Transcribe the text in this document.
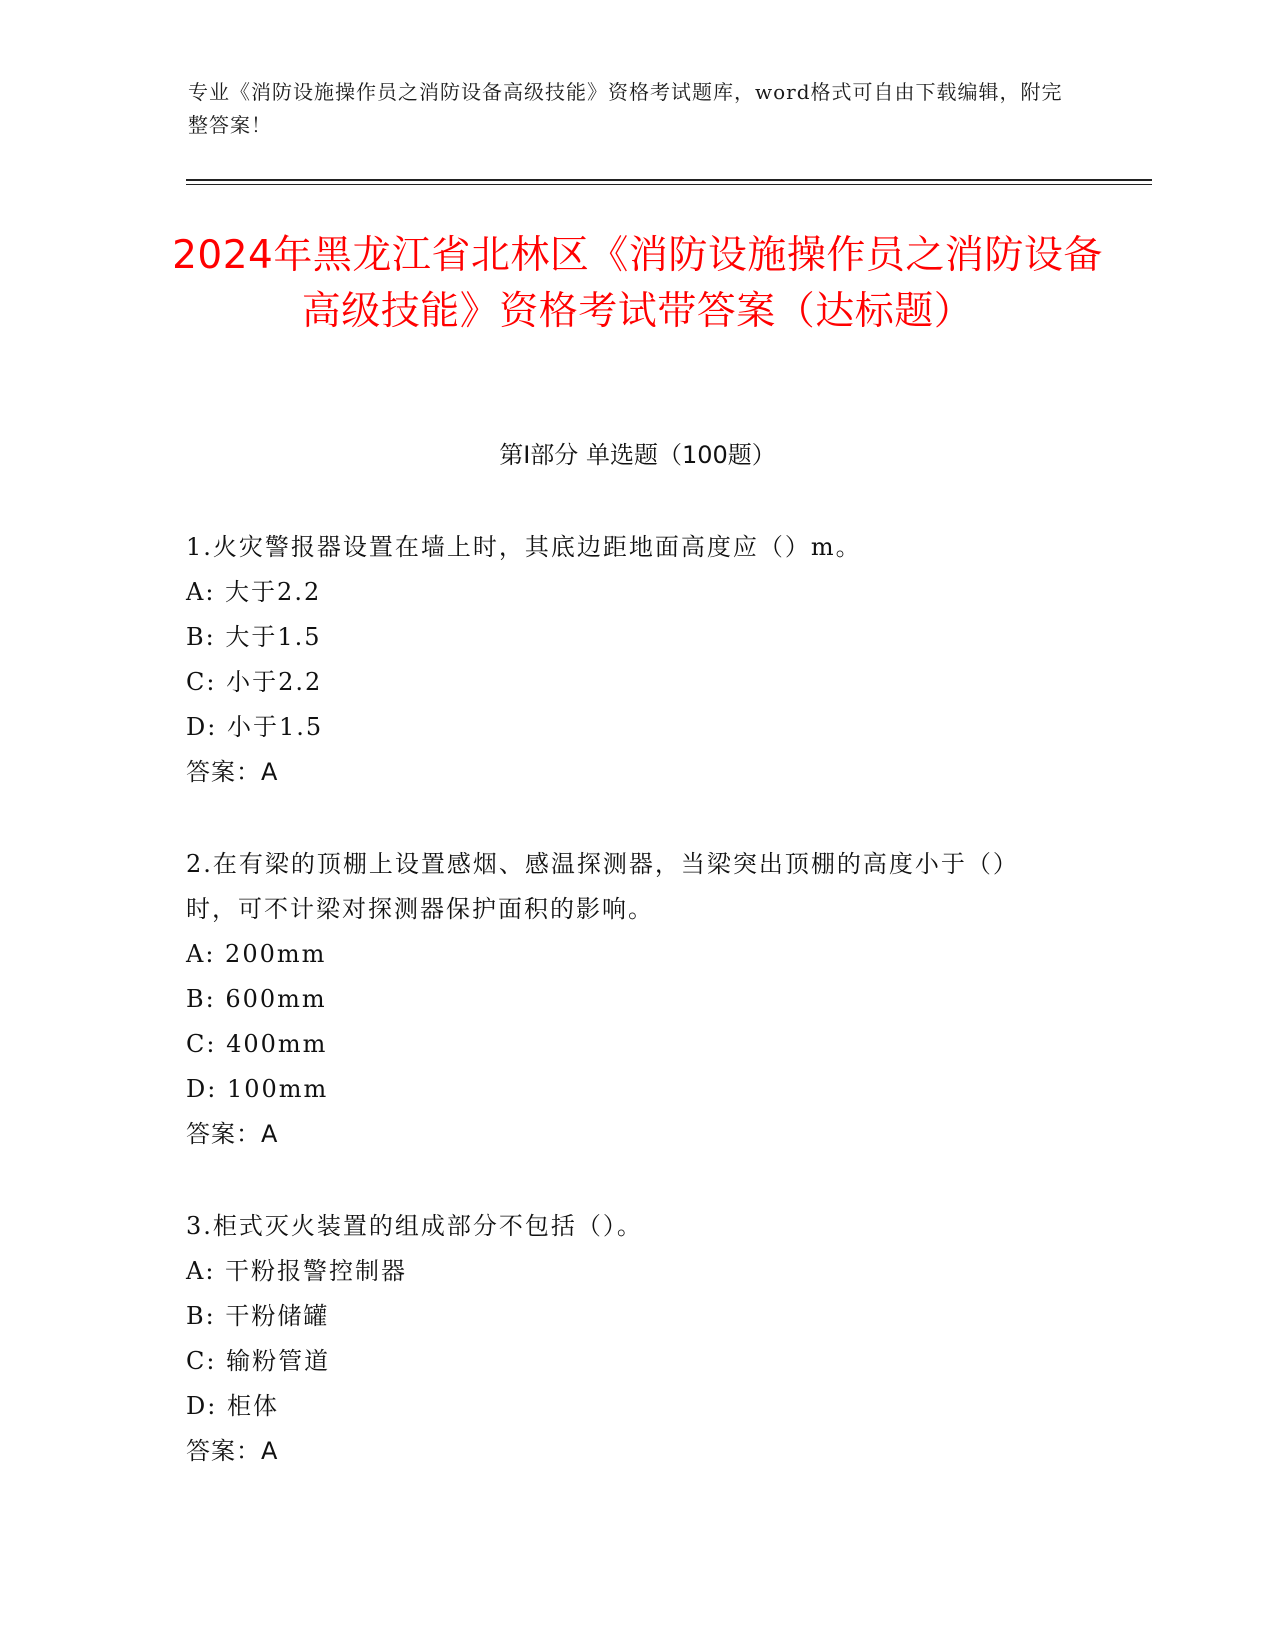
专业《消防设施操作员之消防设备高级技能》资格考试题库，word格式可自由下载编辑，附完整答案！
2024年黑龙江省北林区《消防设施操作员之消防设备高级技能》资格考试带答案（达标题）
第I部分 单选题（100题）
1.火灾警报器设置在墙上时，其底边距地面高度应（）m。
A: 大于2.2
B: 大于1.5
C: 小于2.2
D: 小于1.5
答案：A
2.在有梁的顶棚上设置感烟、感温探测器，当梁突出顶棚的高度小于（）时，可不计梁对探测器保护面积的影响。
A: 200mm
B: 600mm
C: 400mm
D: 100mm
答案：A
3.柜式灭火装置的组成部分不包括（）。
A: 干粉报警控制器
B: 干粉储罐
C: 输粉管道
D: 柜体
答案：A
